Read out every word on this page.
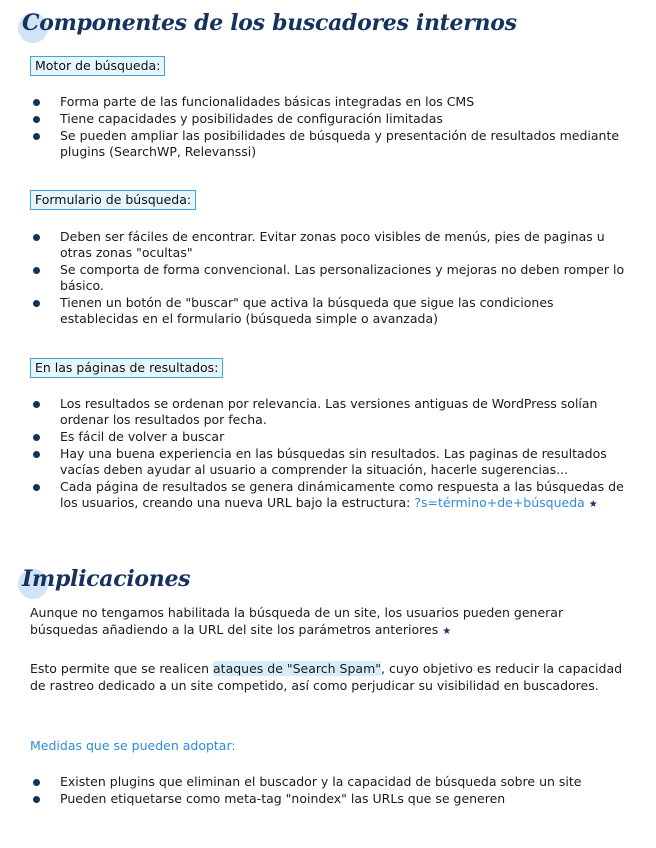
Componentes de los buscadores internos
Motor de búsqueda:
Forma parte de las funcionalidades básicas integradas en los CMS
Tiene capacidades y posibilidades de configuración limitadas
Se pueden ampliar las posibilidades de búsqueda y presentación de resultados mediante plugins (SearchWP, Relevanssi)
Formulario de búsqueda:
Deben ser fáciles de encontrar. Evitar zonas poco visibles de menús, pies de paginas u otras zonas "ocultas"
Se comporta de forma convencional. Las personalizaciones y mejoras no deben romper lo básico.
Tienen un botón de "buscar" que activa la búsqueda que sigue las condiciones establecidas en el formulario (búsqueda simple o avanzada)
En las páginas de resultados:
Los resultados se ordenan por relevancia. Las versiones antiguas de WordPress solían ordenar los resultados por fecha.
Es fácil de volver a buscar
Hay una buena experiencia en las búsquedas sin resultados. Las paginas de resultados vacías deben ayudar al usuario a comprender la situación, hacerle sugerencias...
Cada página de resultados se genera dinámicamente como respuesta a las búsquedas de los usuarios, creando una nueva URL bajo la estructura: ?s=término+de+búsqueda ★
Implicaciones

Aunque no tengamos habilitada la búsqueda de un site, los usuarios pueden generar búsquedas añadiendo a la URL del site los parámetros anteriores ★

Esto permite que se realicen ataques de "Search Spam", cuyo objetivo es reducir la capacidad de rastreo dedicado a un site competido, así como perjudicar su visibilidad en buscadores.

Medidas que se pueden adoptar:

Existen plugins que eliminan el buscador y la capacidad de búsqueda sobre un site
Pueden etiquetarse como meta-tag "noindex" las URLs que se generen
